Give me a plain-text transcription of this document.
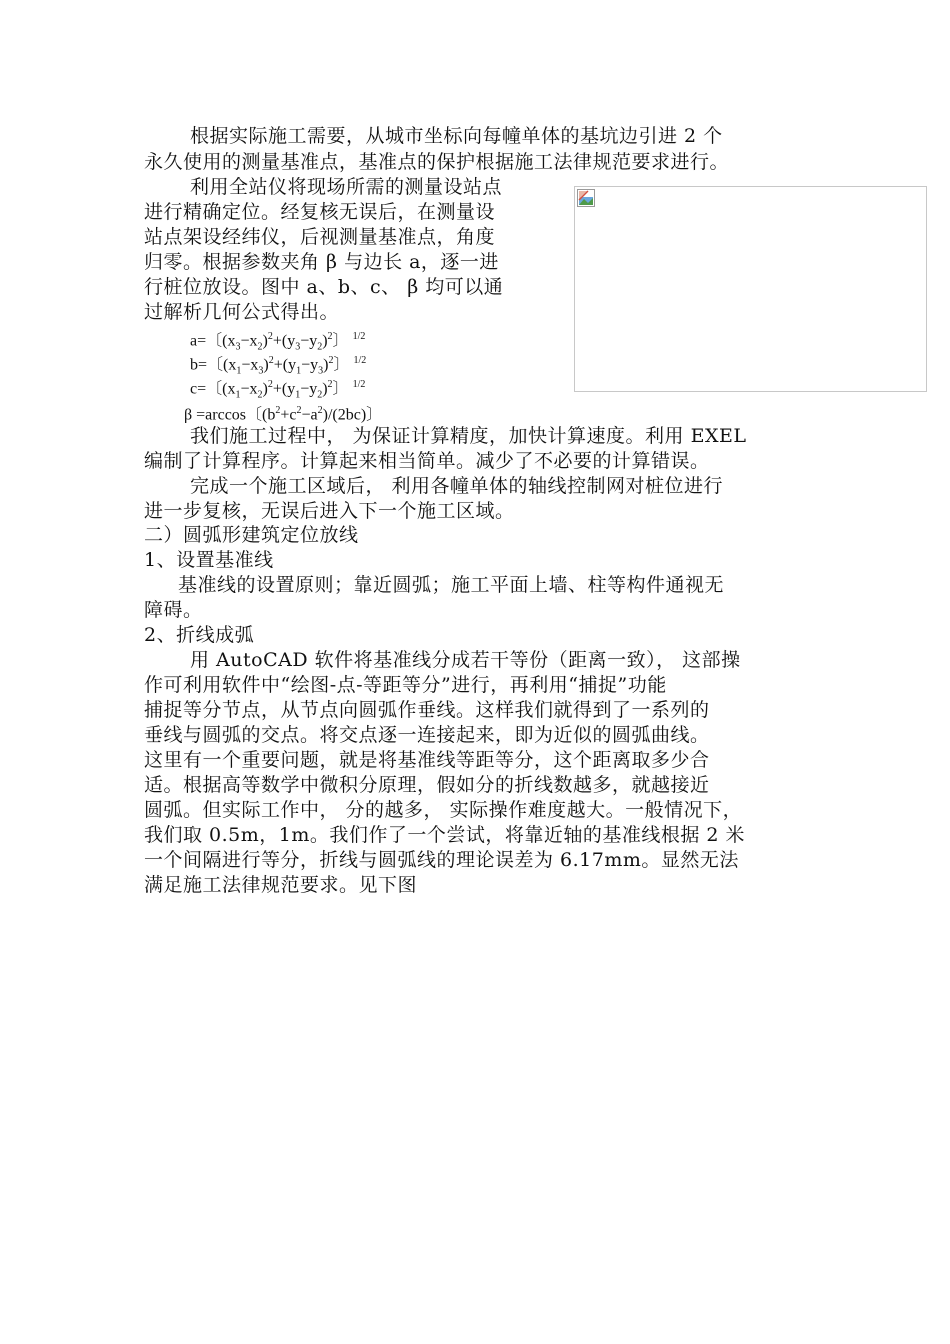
根据实际施工需要，从城市坐标向每幢单体的基坑边引进 2 个
永久使用的测量基准点，基准点的保护根据施工法律规范要求进行。
利用全站仪将现场所需的测量设站点
进行精确定位。经复核无误后，在测量设
站点架设经纬仪，后视测量基准点，角度
归零。根据参数夹角 β 与边长 a，逐一进
行桩位放设。图中 a、b、c、 β 均可以通
过解析几何公式得出。
a=〔$(x_3-x_2)^2+(y_3-y_2)^2$〕 $^{1/2}$
b=〔$(x_1-x_3)^2+(y_1-y_3)^2$〕 $^{1/2}$
c=〔$(x_1-x_2)^2+(y_1-y_2)^2$〕 $^{1/2}$
β =arccos〔$(b^2+c^2-a^2)/(2bc)$〕
我们施工过程中， 为保证计算精度，加快计算速度。利用 EXEL
编制了计算程序。计算起来相当简单。减少了不必要的计算错误。
完成一个施工区域后， 利用各幢单体的轴线控制网对桩位进行
进一步复核，无误后进入下一个施工区域。
二）圆弧形建筑定位放线
1、设置基准线
基准线的设置原则；靠近圆弧；施工平面上墙、柱等构件通视无
障碍。
2、折线成弧
用 AutoCAD 软件将基准线分成若干等份（距离一致）， 这部操
作可利用软件中“绘图-点-等距等分”进行，再利用“捕捉”功能
捕捉等分节点，从节点向圆弧作垂线。这样我们就得到了一系列的
垂线与圆弧的交点。将交点逐一连接起来，即为近似的圆弧曲线。
这里有一个重要问题，就是将基准线等距等分，这个距离取多少合
适。根据高等数学中微积分原理，假如分的折线数越多，就越接近
圆弧。但实际工作中， 分的越多， 实际操作难度越大。一般情况下，
我们取 0.5m，1m。我们作了一个尝试，将靠近轴的基准线根据 2 米
一个间隔进行等分，折线与圆弧线的理论误差为 6.17mm。显然无法
满足施工法律规范要求。见下图
